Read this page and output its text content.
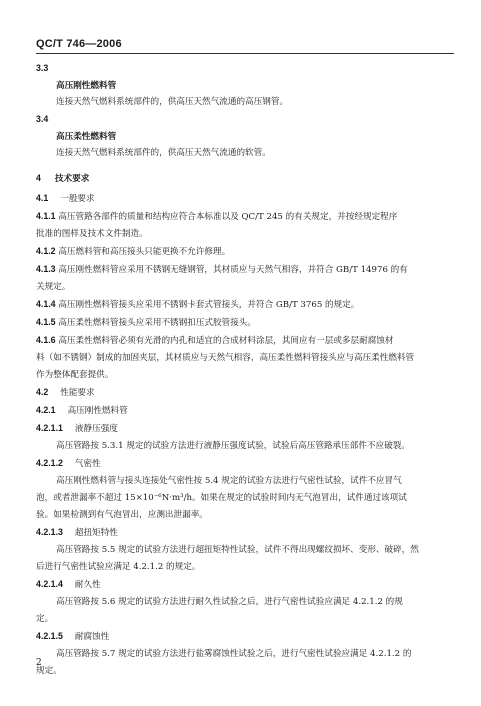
QC/T 746—2006
3.3
高压刚性燃料管
连接天然气燃料系统部件的，供高压天然气流通的高压钢管。
3.4
高压柔性燃料管
连接天然气燃料系统部件的，供高压天然气流通的软管。
4 技术要求
4.1 一般要求
4.1.1 高压管路各部件的质量和结构应符合本标准以及 QC/T 245 的有关规定，并按经规定程序
批准的图样及技术文件制造。
4.1.2 高压燃料管和高压接头只能更换不允许修理。
4.1.3 高压刚性燃料管应采用不锈钢无缝钢管，其材质应与天然气相容，并符合 GB/T 14976 的有
关规定。
4.1.4 高压刚性燃料管接头应采用不锈钢卡套式管接头，并符合 GB/T 3765 的规定。
4.1.5 高压柔性燃料管接头应采用不锈钢扣压式胶管接头。
4.1.6 高压柔性燃料管必须有光滑的内孔和适宜的合成材料涂层，其间应有一层或多层耐腐蚀材
料（如不锈钢）制成的加固夹层，其材质应与天然气相容，高压柔性燃料管接头应与高压柔性燃料管
作为整体配套提供。
4.2 性能要求
4.2.1 高压刚性燃料管
4.2.1.1 液静压强度
高压管路按 5.3.1 规定的试验方法进行液静压强度试验，试验后高压管路承压部件不应破裂。
4.2.1.2 气密性
高压刚性燃料管与接头连接处气密性按 5.4 规定的试验方法进行气密性试验，试件不应冒气
泡，或者泄漏率不超过 15×10⁻⁶N·m³/h。如果在规定的试验时间内无气泡冒出，试件通过该项试
验。如果检测到有气泡冒出，应测出泄漏率。
4.2.1.3 超扭矩特性
高压管路按 5.5 规定的试验方法进行超扭矩特性试验，试件不得出现螺纹损坏、变形、破碎，然
后进行气密性试验应满足 4.2.1.2 的规定。
4.2.1.4 耐久性
高压管路按 5.6 规定的试验方法进行耐久性试验之后，进行气密性试验应满足 4.2.1.2 的规
定。
4.2.1.5 耐腐蚀性
高压管路按 5.7 规定的试验方法进行盐雾腐蚀性试验之后，进行气密性试验应满足 4.2.1.2 的
规定。
2
